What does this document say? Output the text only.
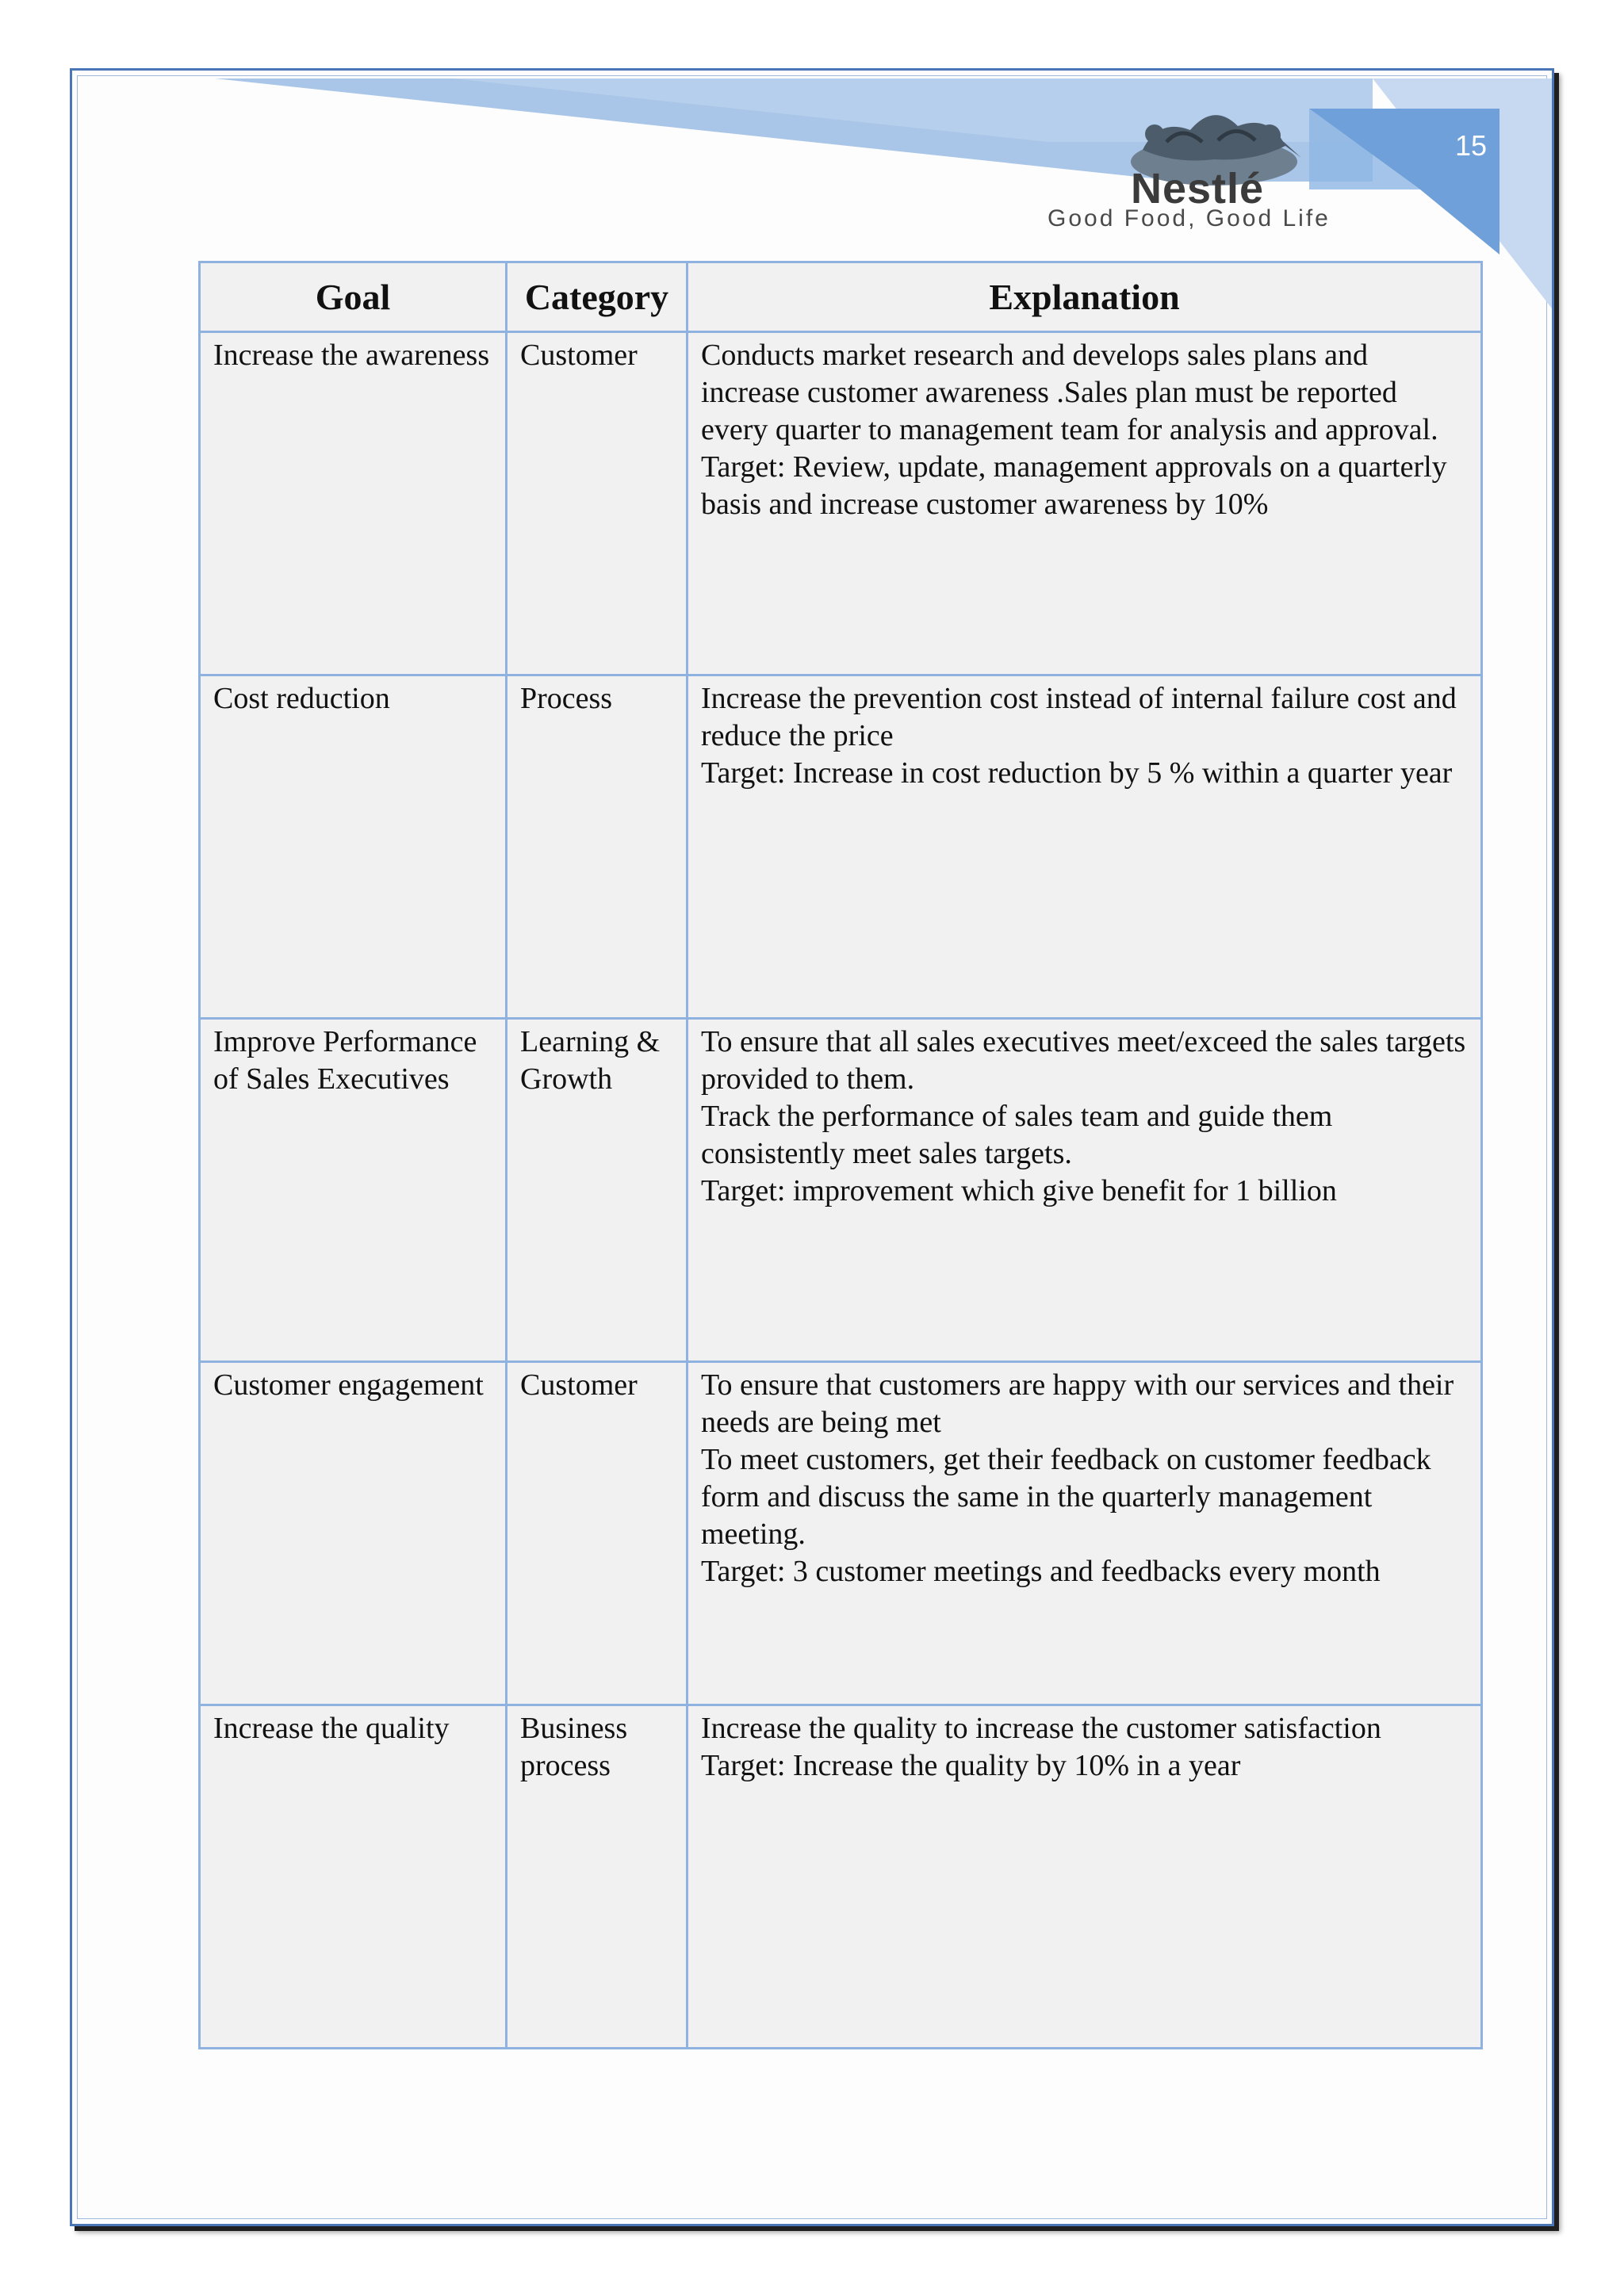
15
Nestlé
Good Food, Good Life
Goal	Category	Explanation
Increase the awareness	Customer	Conducts market research and develops sales plans and increase customer awareness .Sales plan must be reported every quarter to management team for analysis and approval.
Target: Review, update, management approvals on a quarterly basis and increase customer awareness by 10%

Cost reduction	Process	Increase the prevention cost instead of internal failure cost and reduce the price
Target: Increase in cost reduction by 5 % within a quarter year

Improve Performance of Sales Executives	Learning & Growth	To ensure that all sales executives meet/exceed the sales targets provided to them.
Track the performance of sales team and guide them consistently meet sales targets.
Target: improvement which give benefit for 1 billion

Customer engagement	Customer	To ensure that customers are happy with our services and their needs are being met
To meet customers, get their feedback on customer feedback form and discuss the same in the quarterly management meeting.
Target: 3 customer meetings and feedbacks every month

Increase the quality	Business process	Increase the quality to increase the customer satisfaction
Target: Increase the quality by 10% in a year
